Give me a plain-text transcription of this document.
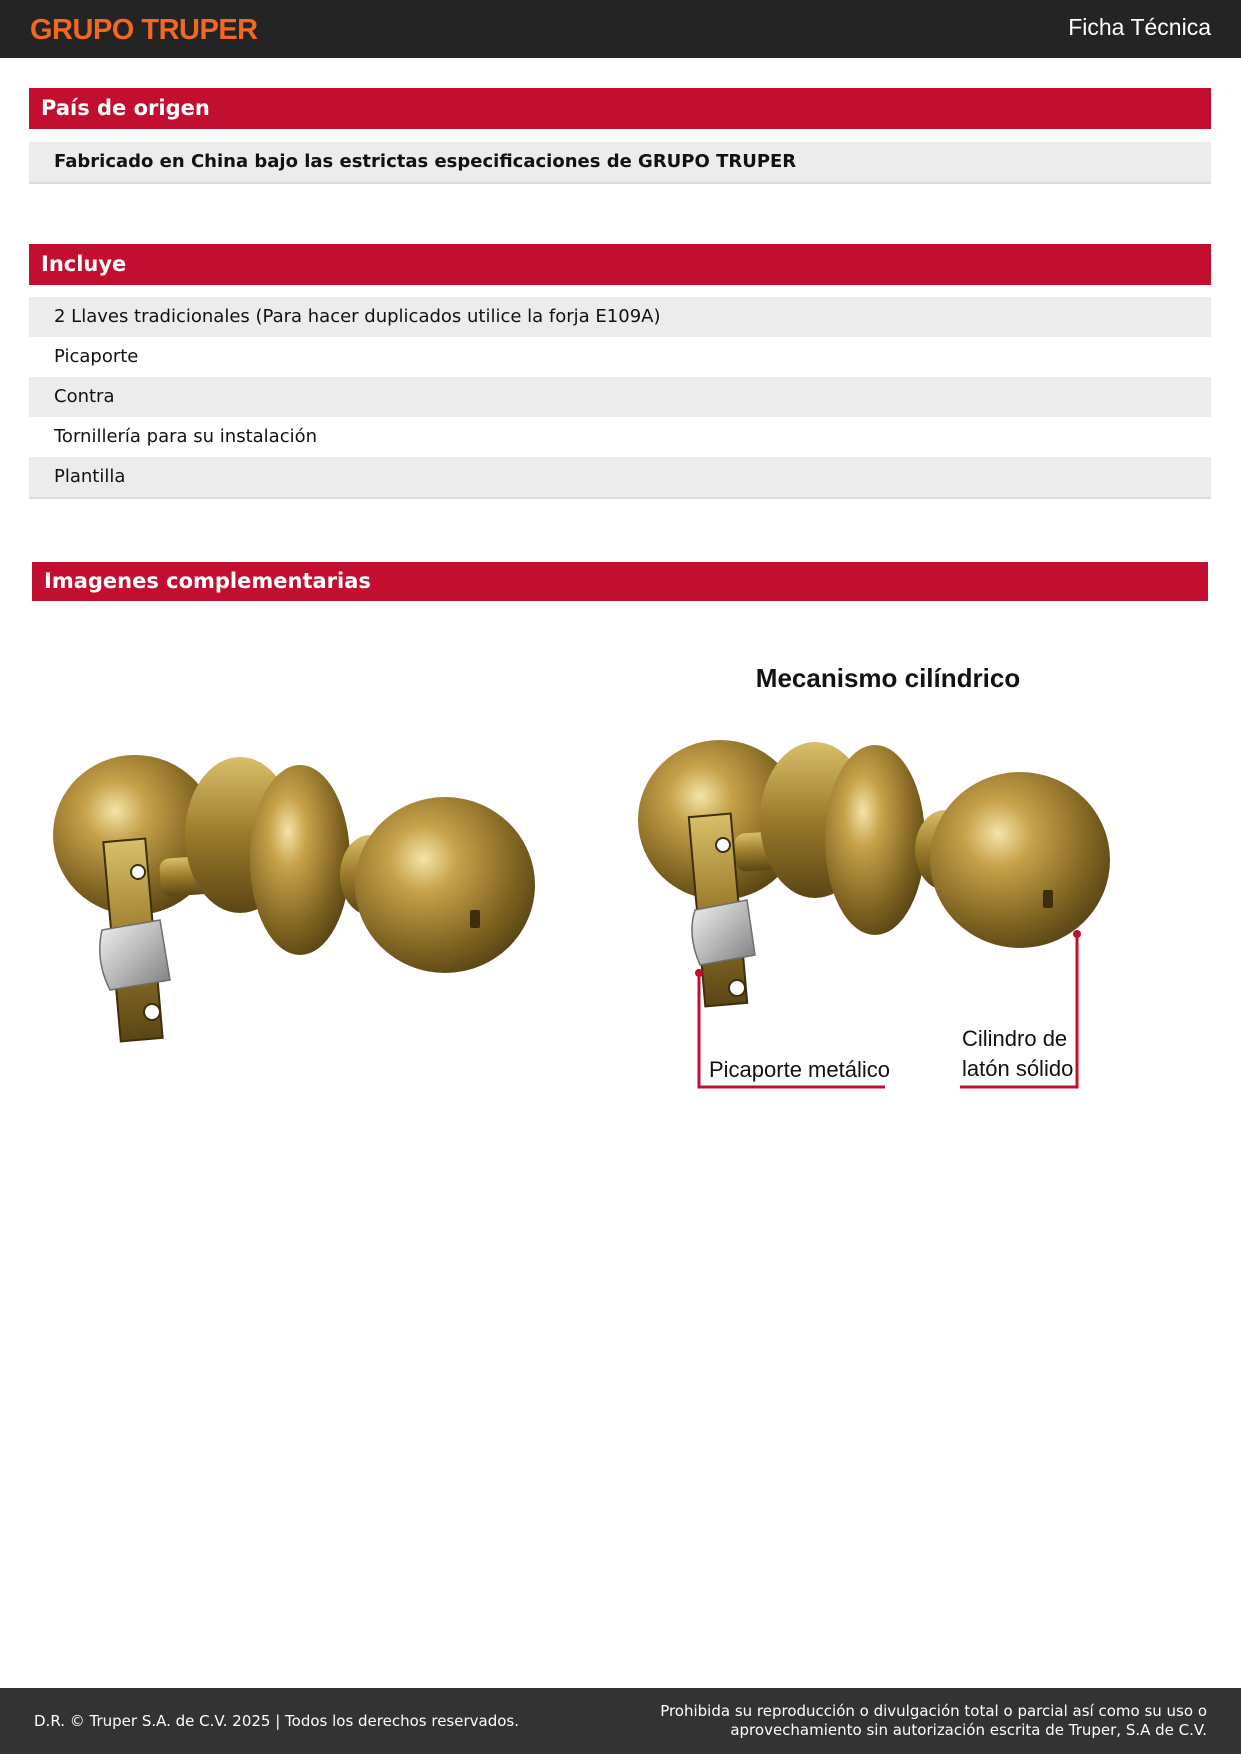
GRUPO TRUPER	Ficha Técnica
País de origen
Fabricado en China bajo las estrictas especificaciones de GRUPO TRUPER
Incluye
2 Llaves tradicionales (Para hacer duplicados utilice la forja E109A)
Picaporte
Contra
Tornillería para su instalación
Plantilla
Imagenes complementarias
Mecanismo cilíndrico
Picaporte metálico
Cilindro de
latón sólido
D.R. © Truper S.A. de C.V. 2025 | Todos los derechos reservados.
Prohibida su reproducción o divulgación total o parcial así como su uso o
aprovechamiento sin autorización escrita de Truper, S.A de C.V.
